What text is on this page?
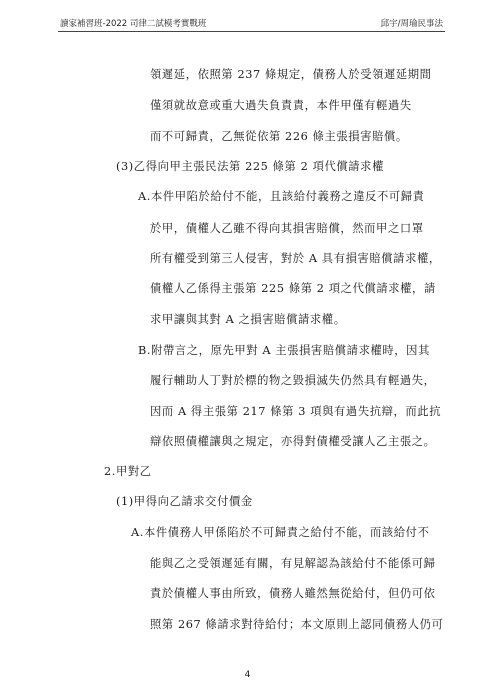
讀家補習班-2022 司律二試模考實戰班	邱宇/周瑜民事法
領遲延，依照第 237 條規定，債務人於受領遲延期間
僅須就故意或重大過失負責責，本件甲僅有輕過失
而不可歸責，乙無從依第 226 條主張損害賠償。
(3)乙得向甲主張民法第 225 條第 2 項代償請求權
A.本件甲陷於給付不能，且該給付義務之違反不可歸責
於甲，債權人乙雖不得向其損害賠償，然而甲之口罩
所有權受到第三人侵害，對於 A 具有損害賠償請求權，
債權人乙係得主張第 225 條第 2 項之代償請求權，請
求甲讓與其對 A 之損害賠償請求權。
B.附帶言之，原先甲對 A 主張損害賠償請求權時，因其
履行輔助人丁對於標的物之毀損滅失仍然具有輕過失，
因而 A 得主張第 217 條第 3 項與有過失抗辯，而此抗
辯依照債權讓與之規定，亦得對債權受讓人乙主張之。
2.甲對乙
(1)甲得向乙請求交付價金
A.本件債務人甲係陷於不可歸責之給付不能，而該給付不
能與乙之受領遲延有關，有見解認為該給付不能係可歸
責於債權人事由所致，債務人雖然無從給付，但仍可依
照第 267 條請求對待給付；本文原則上認同債務人仍可
4
